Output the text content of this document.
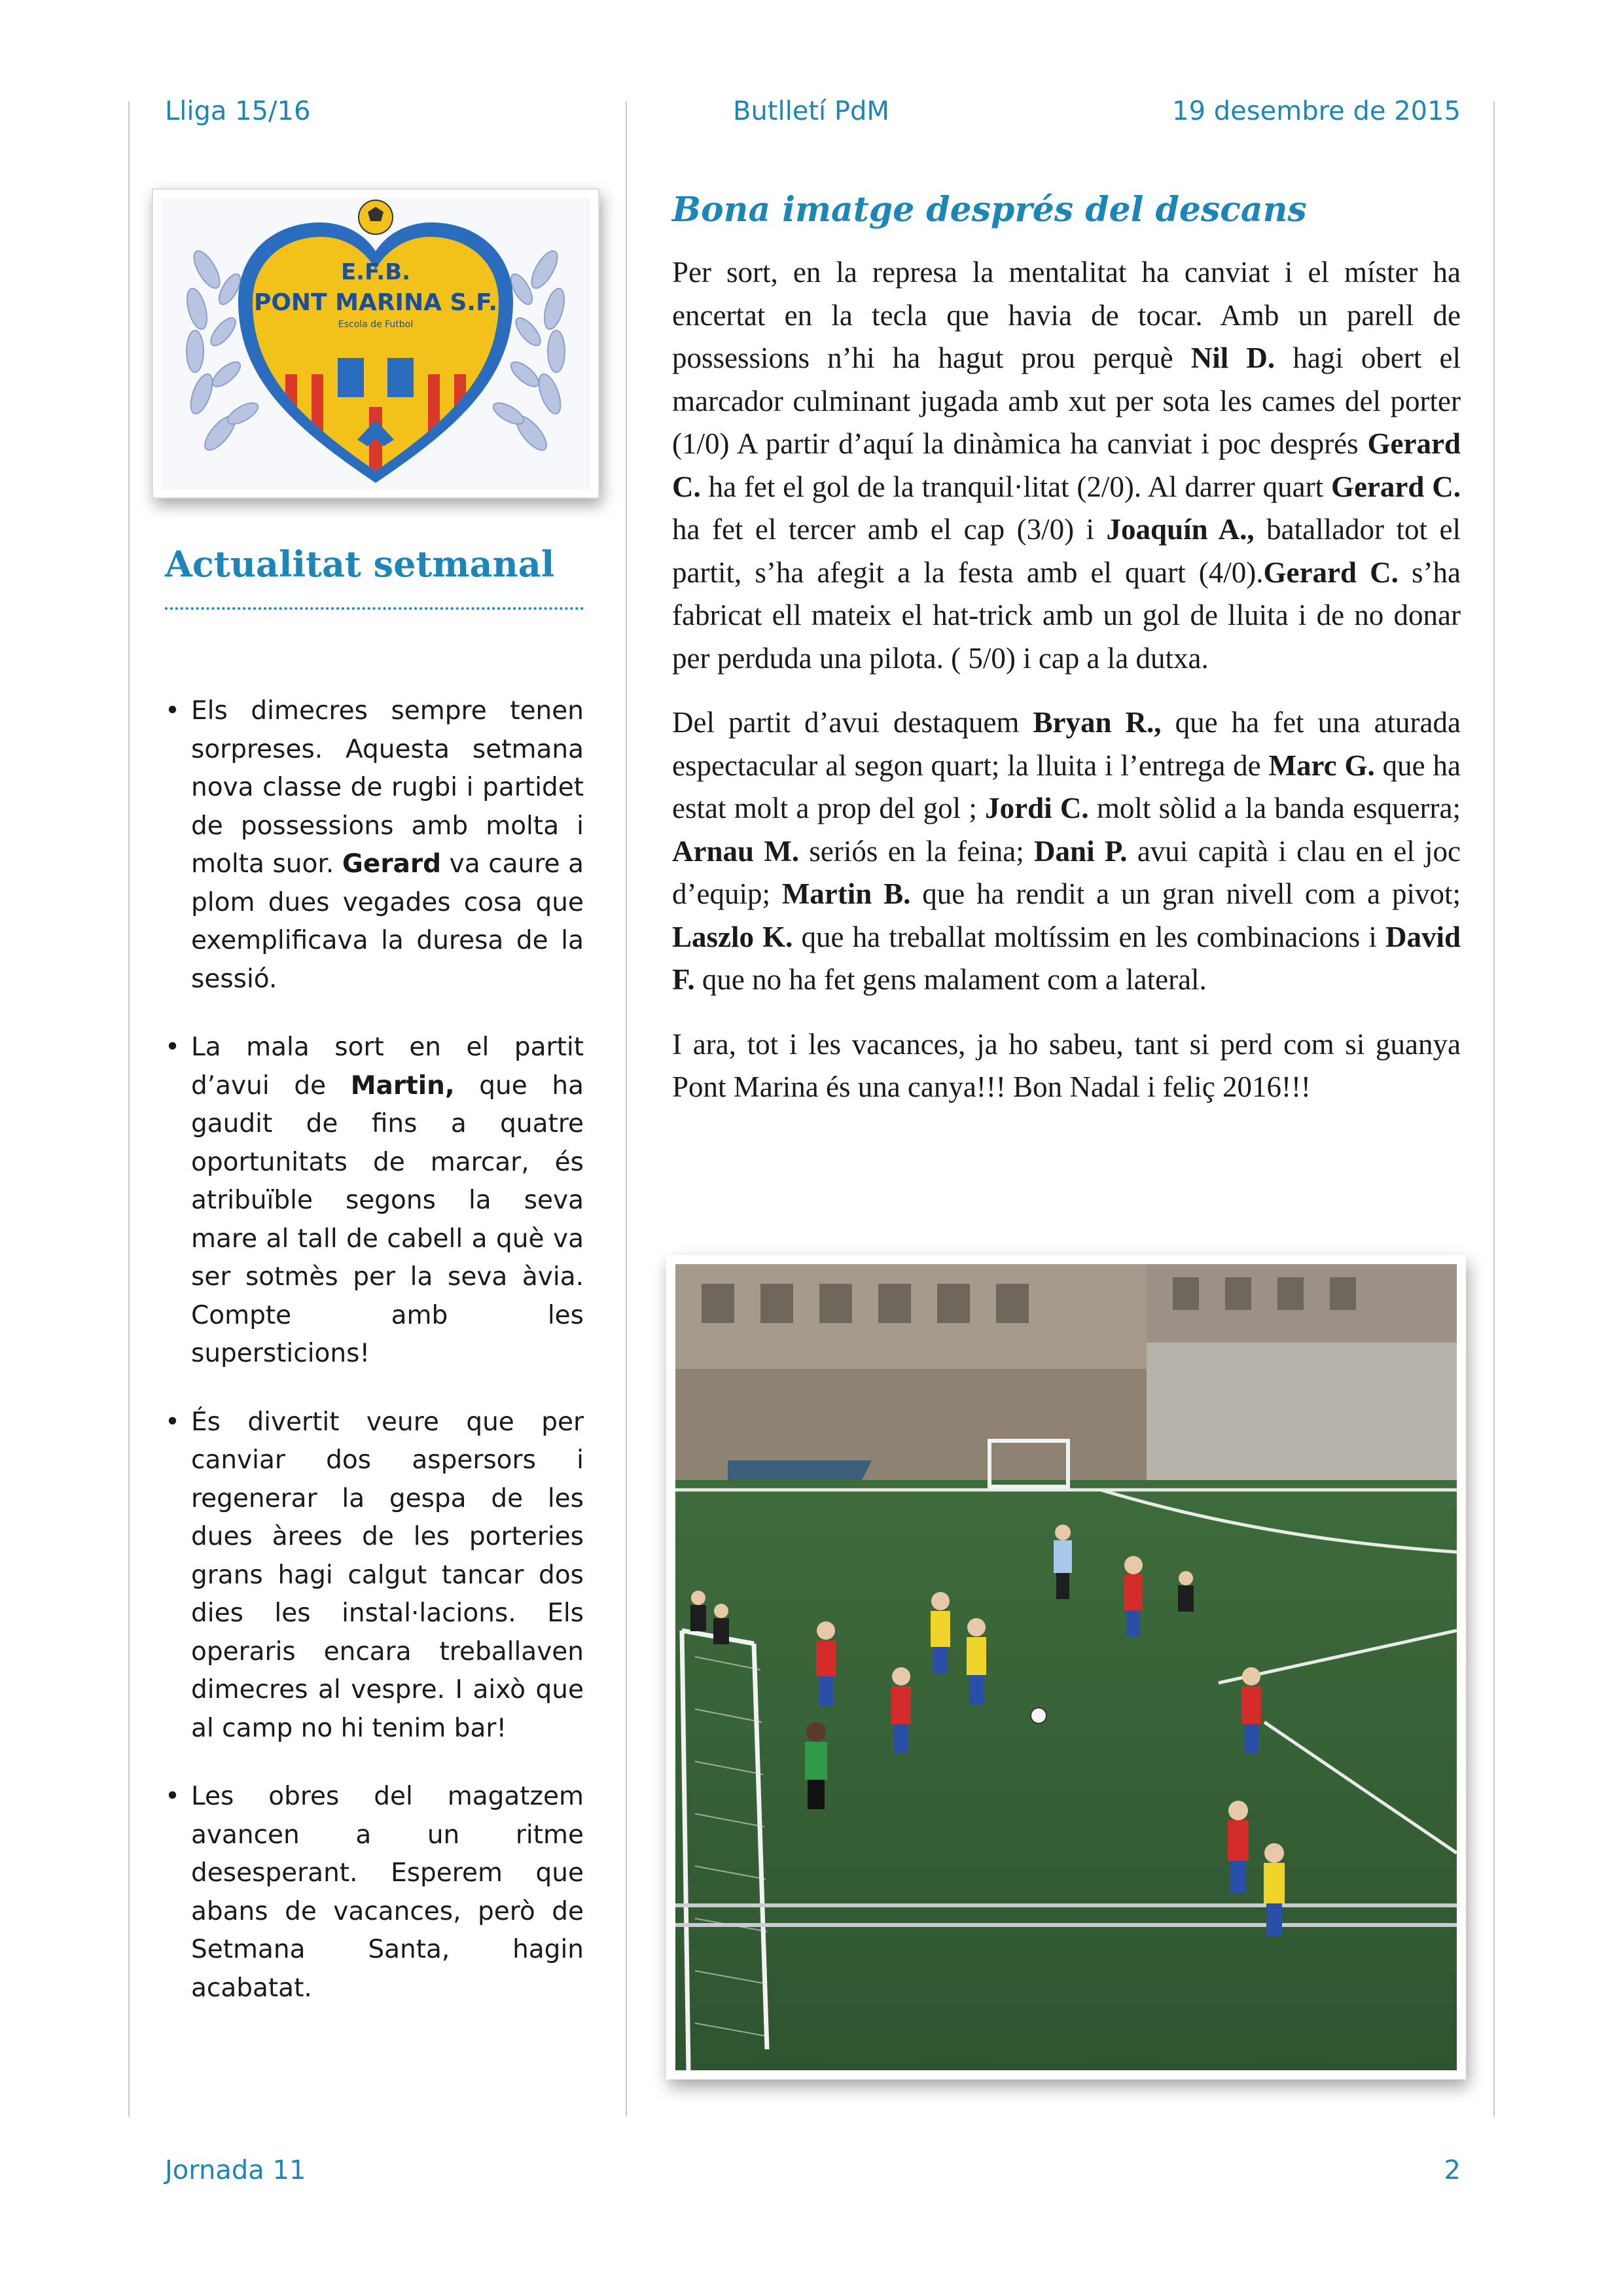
Lliga 15/16	Butlletí PdM	19 desembre de 2015
E.F.B.
PONT MARINA S.F.
Escola de Futbol
Actualitat setmanal
• Els dimecres sempre tenen sorpreses. Aquesta setmana nova classe de rugbi i partidet de possessions amb molta i molta suor. Gerard va caure a plom dues vegades cosa que exemplificava la duresa de la sessió.
• La mala sort en el partit d’avui de Martin, que ha gaudit de fins a quatre oportunitats de marcar, és atribuïble segons la seva mare al tall de cabell a què va ser sotmès per la seva àvia. Compte amb les supersticions!
• És divertit veure que per canviar dos aspersors i regenerar la gespa de les dues àrees de les porteries grans hagi calgut tancar dos dies les instal·lacions. Els operaris encara treballaven dimecres al vespre. I això que al camp no hi tenim bar!
• Les obres del magatzem avancen a un ritme desesperant. Esperem que abans de vacances, però de Setmana Santa, hagin acabatat.
Bona imatge després del descans

Per sort, en la represa la mentalitat ha canviat i el míster ha encertat en la tecla que havia de tocar. Amb un parell de possessions n’hi ha hagut prou perquè Nil D. hagi obert el marcador culminant jugada amb xut per sota les cames del porter (1/0) A partir d’aquí la dinàmica ha canviat i poc després Gerard C. ha fet el gol de la tranquil·litat (2/0). Al darrer quart Gerard C. ha fet el tercer amb el cap (3/0) i Joaquín A., batallador tot el partit, s’ha afegit a la festa amb el quart (4/0).Gerard C. s’ha fabricat ell mateix el hat-trick amb un gol de lluita i de no donar per perduda una pilota. ( 5/0) i cap a la dutxa.

Del partit d’avui destaquem Bryan R., que ha fet una aturada espectacular al segon quart; la lluita i l’entrega de Marc G. que ha estat molt a prop del gol ; Jordi C. molt sòlid a la banda esquerra; Arnau M. seriós en la feina; Dani P. avui capità i clau en el joc d’equip; Martin B. que ha rendit a un gran nivell com a pivot; Laszlo K. que ha treballat moltíssim en les combinacions i David F. que no ha fet gens malament com a lateral.

I ara, tot i les vacances, ja ho sabeu, tant si perd com si guanya Pont Marina és una canya!!! Bon Nadal i feliç 2016!!!

Jornada 11	2
